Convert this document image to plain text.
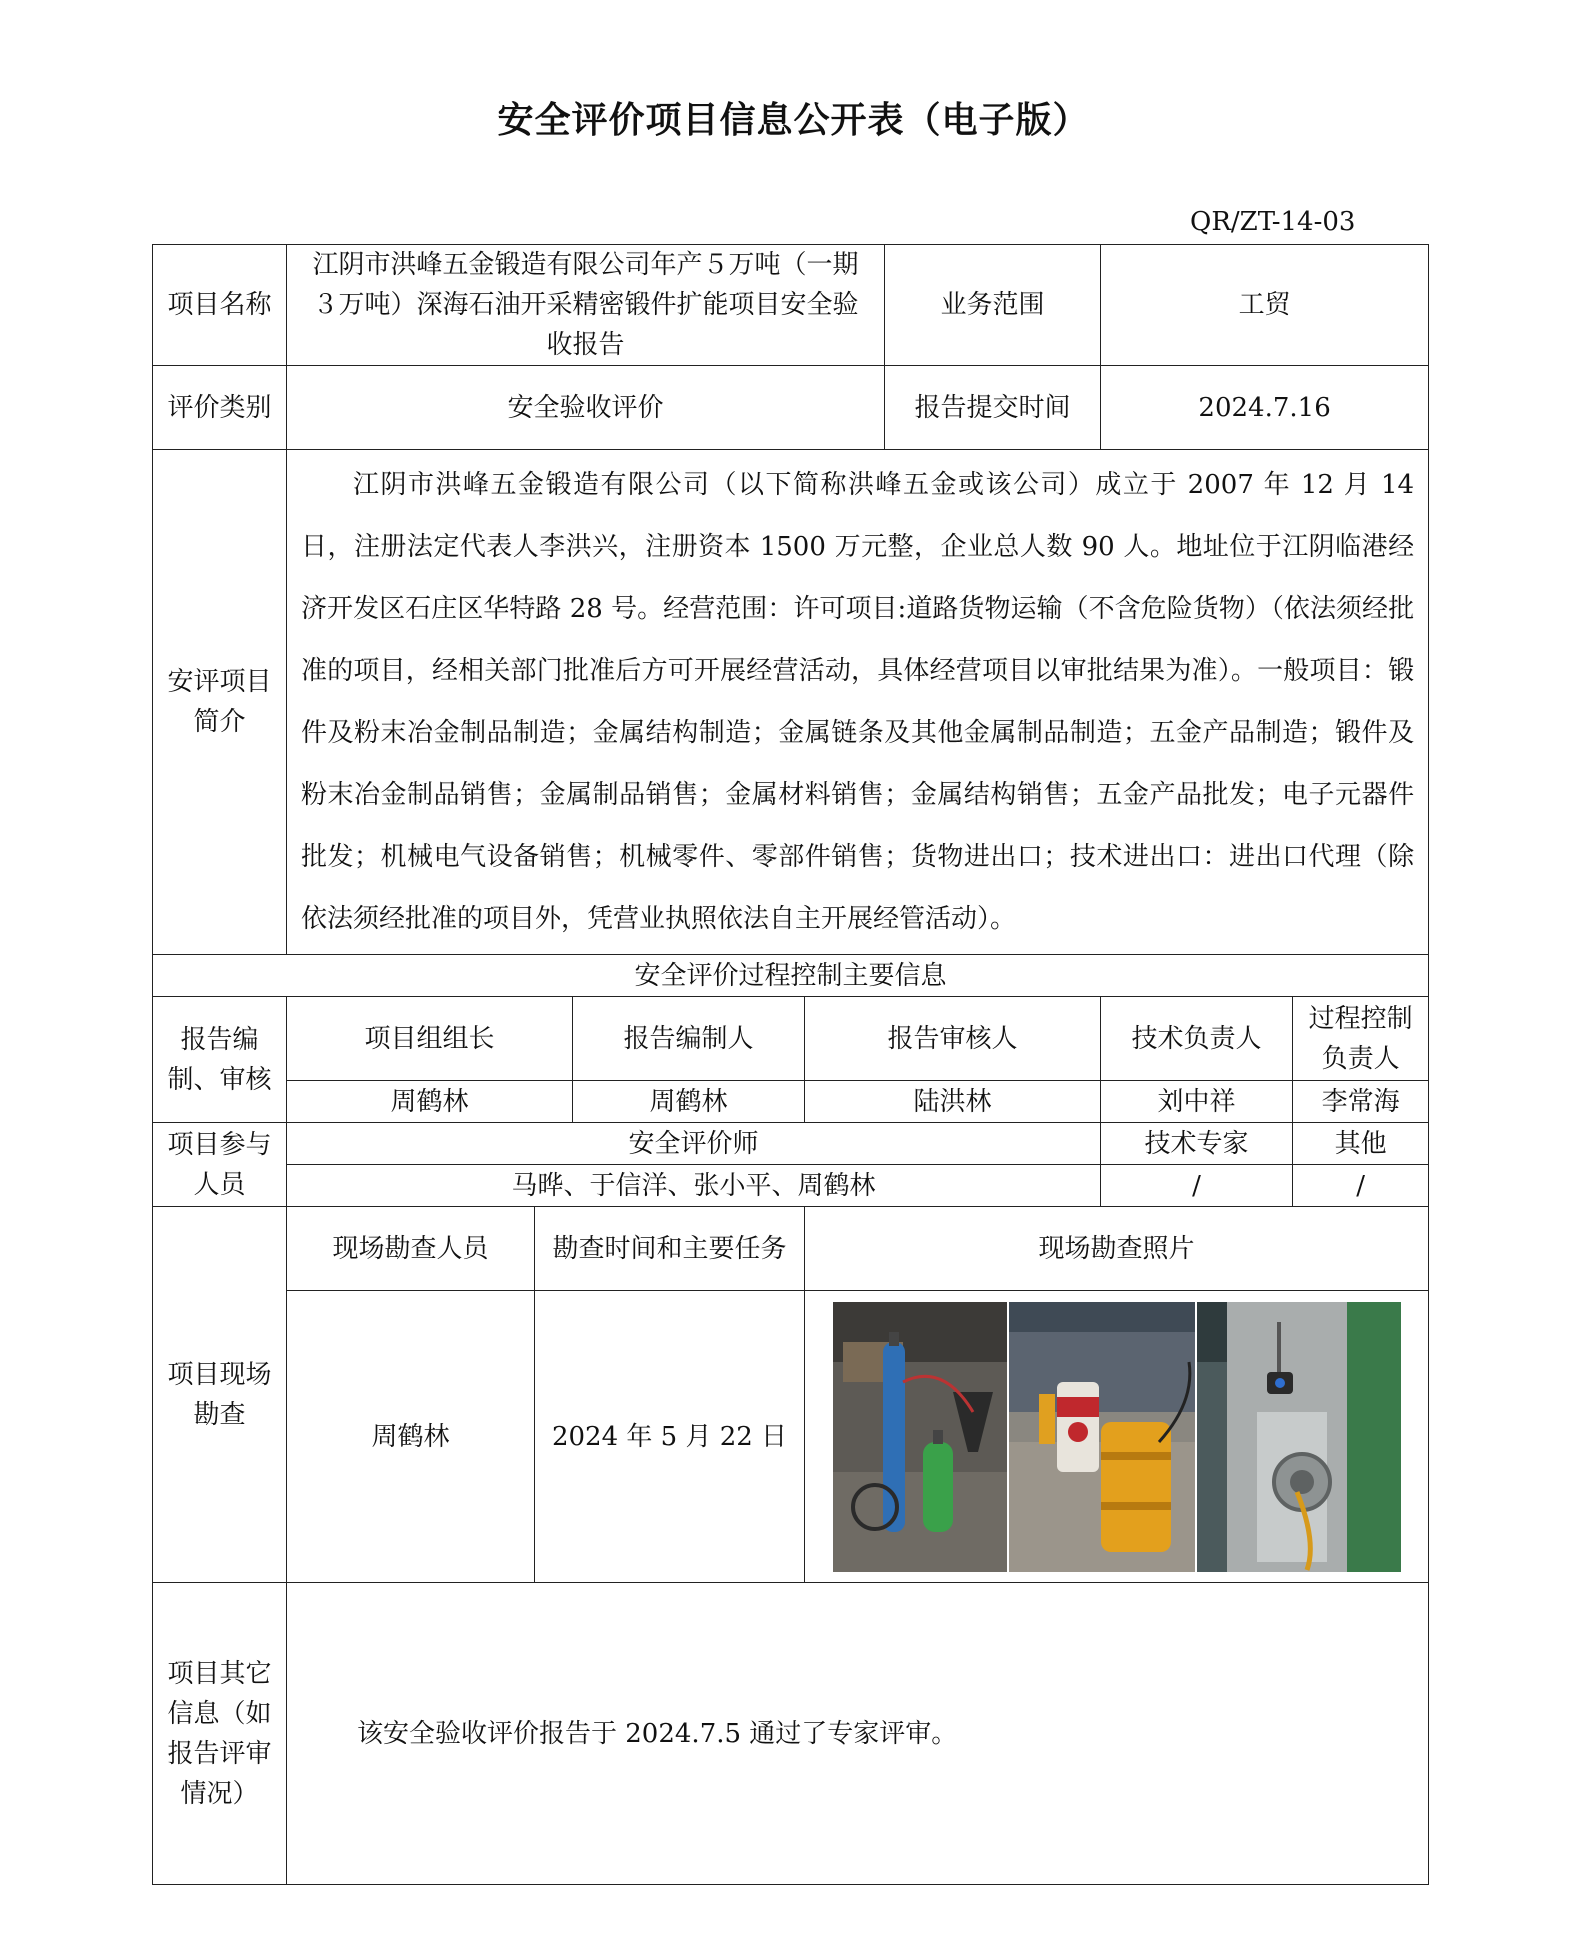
安全评价项目信息公开表（电子版）
QR/ZT-14-03
项目名称	江阴市洪峰五金锻造有限公司年产５万吨（一期３万吨）深海石油开采精密锻件扩能项目安全验收报告				业务范围	工贸	
评价类别	安全验收评价				报告提交时间	2024.7.16	
安评项目简介	江阴市洪峰五金锻造有限公司（以下简称洪峰五金或该公司）成立于 2007 年 12 月 14 日，注册法定代表人李洪兴，注册资本 1500 万元整，企业总人数 90 人。地址位于江阴临港经济开发区石庄区华特路 28 号。经营范围：许可项目:道路货物运输（不含危险货物）（依法须经批准的项目，经相关部门批准后方可开展经营活动，具体经营项目以审批结果为准）。一般项目：锻件及粉末冶金制品制造；金属结构制造；金属链条及其他金属制品制造；五金产品制造；锻件及粉末冶金制品销售；金属制品销售；金属材料销售；金属结构销售；五金产品批发；电子元器件批发；机械电气设备销售；机械零件、零部件销售；货物进出口；技术进出口：进出口代理（除依法须经批准的项目外，凭营业执照依法自主开展经管活动）。						
安全评价过程控制主要信息							
报告编制、审核	项目组组长		报告编制人	报告审核人		技术负责人	过程控制负责人
	周鹤林		周鹤林	陆洪林		刘中祥	李常海
项目参与人员	安全评价师					技术专家	其他
	马晔、于信洋、张小平、周鹤林					/	/
项目现场勘查	现场勘查人员	勘查时间和主要任务		现场勘查照片			
	周鹤林	2024 年 5 月 22 日	

项目其它信息（如报告评审情况）	该安全验收评价报告于 2024.7.5 通过了专家评审。						
